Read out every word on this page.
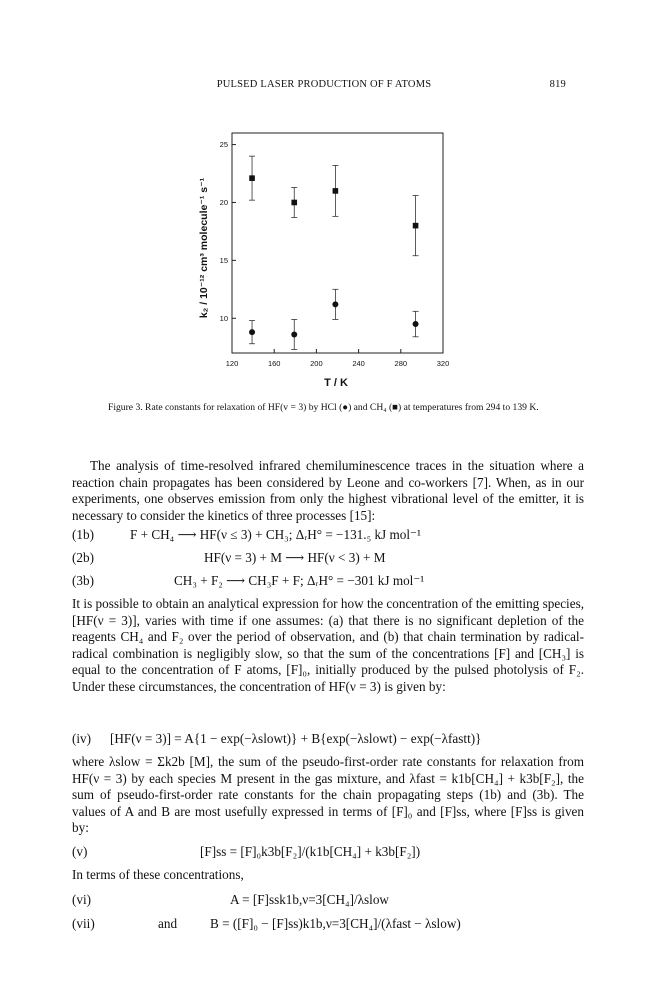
PULSED LASER PRODUCTION OF F ATOMS	819
120	160	200	240	280	320
10
15
20
25
k₂ / 10⁻¹² cm³ molecule⁻¹ s⁻¹
T / K
Figure 3. Rate constants for relaxation of HF(v = 3) by HCl (●) and CH₄ (■) at temperatures from 294 to 139 K.
The analysis of time-resolved infrared chemiluminescence traces in the situation where a reaction chain propagates has been considered by Leone and co-workers [7]. When, as in our experiments, one observes emission from only the highest vibrational level of the emitter, it is necessary to consider the kinetics of three processes [15]:
(1b)	F + CH₄ ⟶ HF(ν ≤ 3) + CH₃; ΔᵣH° = −131.₅ kJ mol⁻¹
(2b)	HF(ν = 3) + M ⟶ HF(ν < 3) + M
(3b)	CH₃ + F₂ ⟶ CH₃F + F; ΔᵣH° = −301 kJ mol⁻¹
It is possible to obtain an analytical expression for how the concentration of the emitting species, [HF(ν = 3)], varies with time if one assumes: (a) that there is no significant depletion of the reagents CH₄ and F₂ over the period of observation, and (b) that chain termination by radical-radical combination is negligibly slow, so that the sum of the concentrations [F] and [CH₃] is equal to the concentration of F atoms, [F]₀, initially produced by the pulsed photolysis of F₂. Under these circumstances, the concentration of HF(ν = 3) is given by:
(iv) [HF(ν = 3)] = A{1 − exp(−λslowt)} + B{exp(−λslowt) − exp(−λfastt)}
where λslow = Σk2b [M], the sum of the pseudo-first-order rate constants for relaxation from HF(ν = 3) by each species M present in the gas mixture, and λfast = k1b[CH₄] + k3b[F₂], the sum of pseudo-first-order rate constants for the chain propagating steps (1b) and (3b). The values of A and B are most usefully expressed in terms of [F]₀ and [F]ss, where [F]ss is given by:
(v)	[F]ss = [F]₀k3b[F₂]/(k1b[CH₄] + k3b[F₂])
In terms of these concentrations,
(vi)	A = [F]ssk1b,ν=3[CH₄]/λslow
(vii)	and B = ([F]₀ − [F]ss)k1b,ν=3[CH₄]/(λfast − λslow)
